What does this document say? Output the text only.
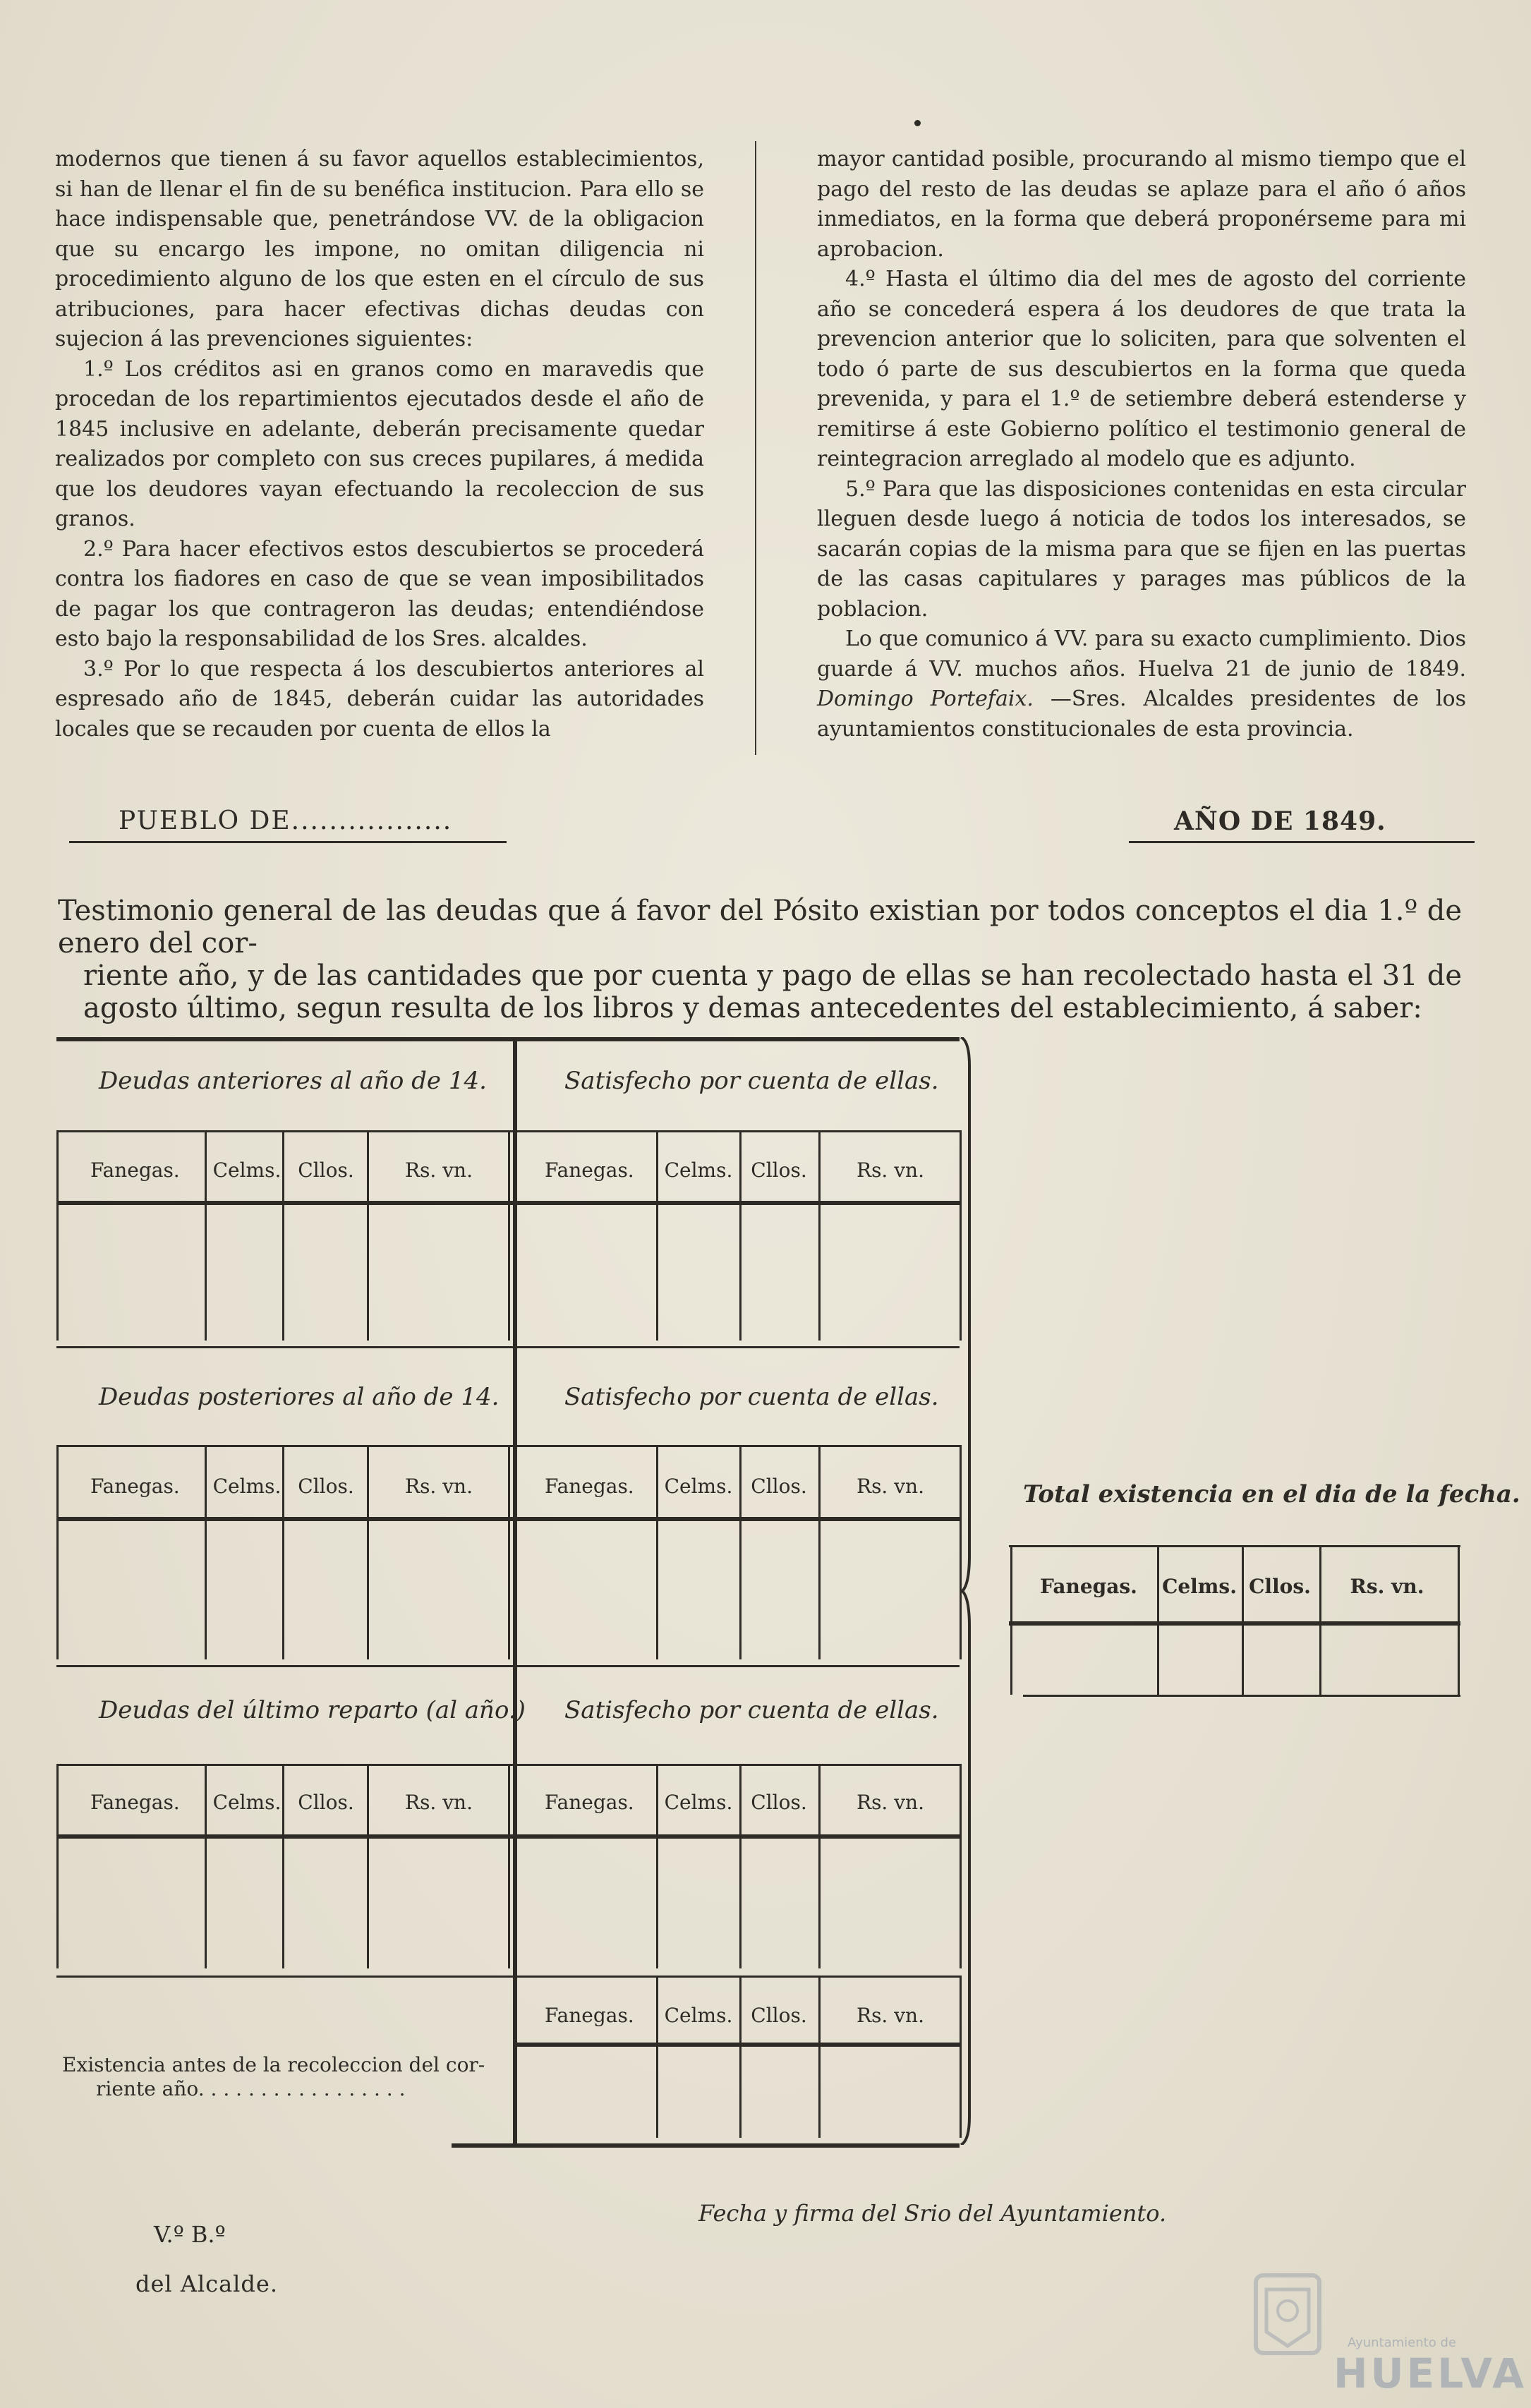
modernos que tienen á su favor aquellos establecimientos, si han de llenar el fin de su benéfica institucion. Para ello se hace indispensable que, penetrándose VV. de la obligacion que su encargo les impone, no omitan diligencia ni procedimiento alguno de los que esten en el círculo de sus atribuciones, para hacer efectivas dichas deudas con sujecion á las prevenciones siguientes:

1.º Los créditos asi en granos como en maravedis que procedan de los repartimientos ejecutados desde el año de 1845 inclusive en adelante, deberán precisamente quedar realizados por completo con sus creces pupilares, á medida que los deudores vayan efectuando la recoleccion de sus granos.

2.º Para hacer efectivos estos descubiertos se procederá contra los fiadores en caso de que se vean imposibilitados de pagar los que contrageron las deudas; entendiéndose esto bajo la responsabilidad de los Sres. alcaldes.

3.º Por lo que respecta á los descubiertos anteriores al espresado año de 1845, deberán cuidar las autoridades locales que se recauden por cuenta de ellos la

mayor cantidad posible, procurando al mismo tiempo que el pago del resto de las deudas se aplaze para el año ó años inmediatos, en la forma que deberá proponérseme para mi aprobacion.

4.º Hasta el último dia del mes de agosto del corriente año se concederá espera á los deudores de que trata la prevencion anterior que lo soliciten, para que solventen el todo ó parte de sus descubiertos en la forma que queda prevenida, y para el 1.º de setiembre deberá estenderse y remitirse á este Gobierno político el testimonio general de reintegracion arreglado al modelo que es adjunto.

5.º Para que las disposiciones contenidas en esta circular lleguen desde luego á noticia de todos los interesados, se sacarán copias de la misma para que se fijen en las puertas de las casas capitulares y parages mas públicos de la poblacion.

Lo que comunico á VV. para su exacto cumplimiento. Dios guarde á VV. muchos años. Huelva 21 de junio de 1849. Domingo Portefaix. —Sres. Alcaldes presidentes de los ayuntamientos constitucionales de esta provincia.

PUEBLO DE.................	AÑO DE 1849.
Testimonio general de las deudas que á favor del Pósito existian por todos conceptos el dia 1.º de enero del cor-
riente año, y de las cantidades que por cuenta y pago de ellas se han recolectado hasta el 31 de agosto último, segun resulta de los libros y demas antecedentes del establecimiento, á saber:
Deudas anteriores al año de 14.	Satisfecho por cuenta de ellas.
Fanegas.	Celms. Cllos.	Rs. vn.	Fanegas.	Celms. Cllos.	Rs. vn.
Deudas posteriores al año de 14.	Satisfecho por cuenta de ellas.
Fanegas.	Celms. Cllos.	Rs. vn.	Fanegas.	Celms. Cllos.	Rs. vn.
Deudas del último reparto (al año.) Satisfecho por cuenta de ellas.
Fanegas.	Celms. Cllos.	Rs. vn.	Fanegas.	Celms. Cllos.	Rs. vn.
Fanegas.	Celms. Cllos.	Rs. vn.
Existencia antes de la recoleccion del cor-
riente año. . . . . . . . . . . . . . . . .
Total existencia en el dia de la fecha.
Fanegas. Celms. Cllos.	Rs. vn.
V.º B.º
del Alcalde.
Fecha y firma del Srio del Ayuntamiento.
Ayuntamiento de
HUELVA
